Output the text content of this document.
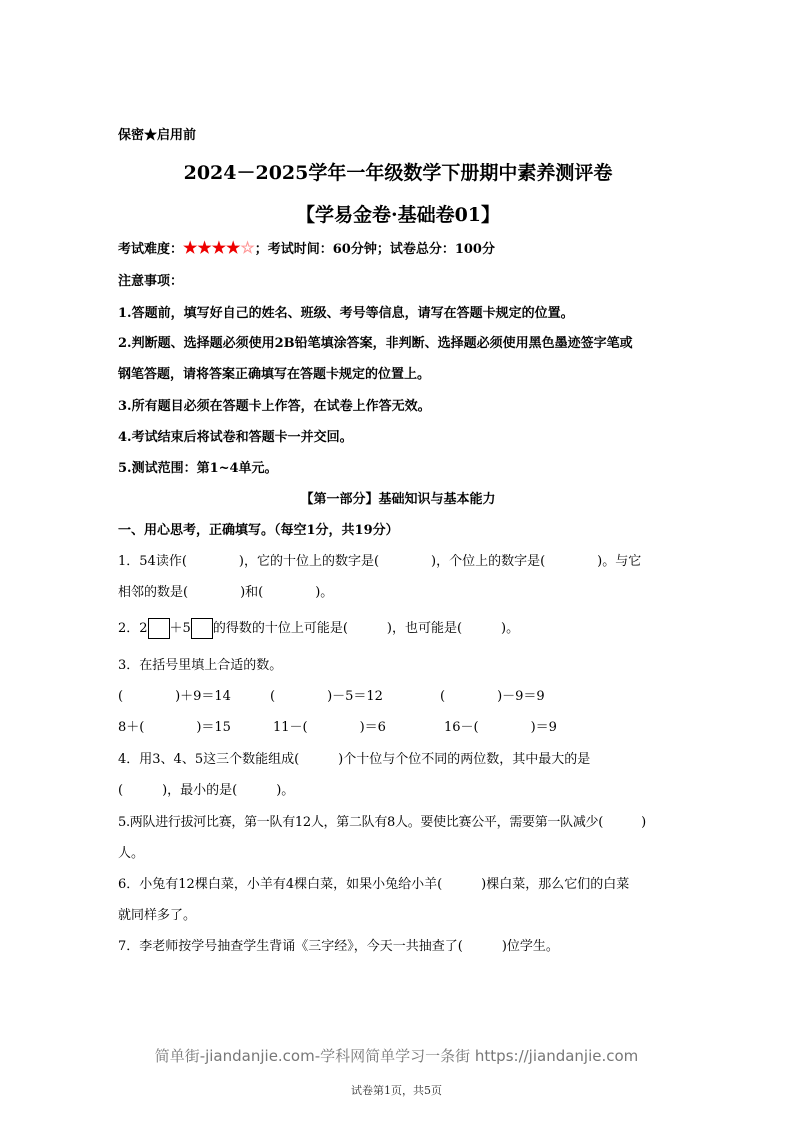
保密★启用前
2024－2025学年一年级数学下册期中素养测评卷
【学易金卷·基础卷01】
考试难度：★★★★☆；考试时间：60分钟；试卷总分：100分
注意事项：
1.答题前，填写好自己的姓名、班级、考号等信息，请写在答题卡规定的位置。
2.判断题、选择题必须使用2B铅笔填涂答案，非判断、选择题必须使用黑色墨迹签字笔或
钢笔答题，请将答案正确填写在答题卡规定的位置上。
3.所有题目必须在答题卡上作答，在试卷上作答无效。
4.考试结束后将试卷和答题卡一并交回。
5.测试范围：第1~4单元。
【第一部分】基础知识与基本能力
一、用心思考，正确填写。（每空1分，共19分）
1．54读作(　　　　)，它的十位上的数字是(　　　　)，个位上的数字是(　　　　)。与它
相邻的数是(　　　　)和(　　　　)。
2．2 ＋5 的得数的十位上可能是(　　　)，也可能是(　　　)。
3．在括号里填上合适的数。
(　　　　)＋9＝14	(　　　　)－5＝12	(　　　　)－9＝9
8＋(　　　　)＝15	11－(　　　　)＝6	16－(　　　　)＝9
4．用3、4、5这三个数能组成(　　　)个十位与个位不同的两位数，其中最大的是
(　　　)，最小的是(　　　)。
5.两队进行拔河比赛，第一队有12人，第二队有8人。要使比赛公平，需要第一队减少(　　　)
人。
6．小兔有12棵白菜，小羊有4棵白菜，如果小兔给小羊(　　　)棵白菜，那么它们的白菜
就同样多了。
7．李老师按学号抽查学生背诵《三字经》，今天一共抽查了(　　　)位学生。
简单街-jiandanjie.com-学科网简单学习一条街 https://jiandanjie.com
试卷第1页，共5页
